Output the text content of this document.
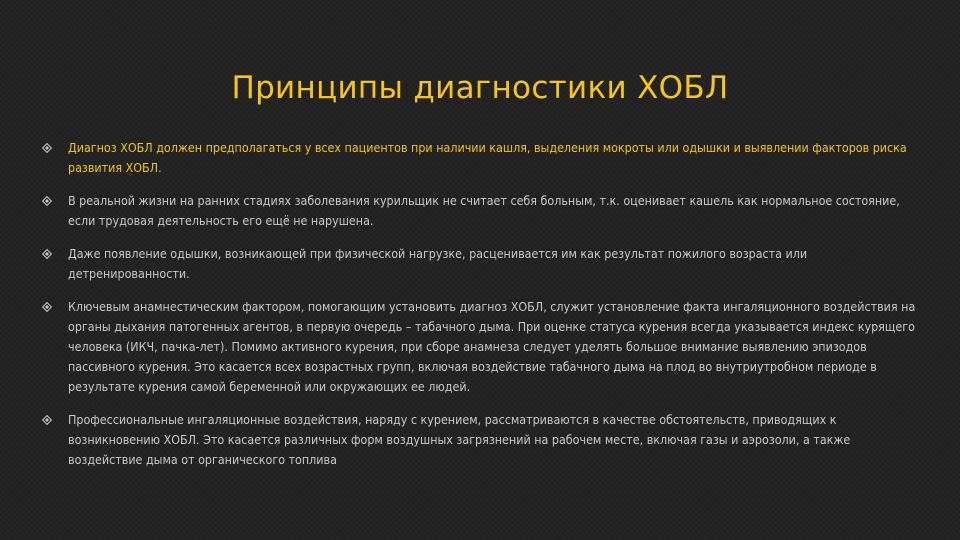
Принципы диагностики ХОБЛ
Диагноз ХОБЛ должен предполагаться у всех пациентов при наличии кашля, выделения мокроты или одышки и выявлении факторов риска развития ХОБЛ.
В реальной жизни на ранних стадиях заболевания курильщик не считает себя больным, т.к. оценивает кашель как нормальное состояние, если трудовая деятельность его ещё не нарушена.
Даже появление одышки, возникающей при физической нагрузке, расценивается им как результат пожилого возраста или детренированности.
Ключевым анамнестическим фактором, помогающим установить диагноз ХОБЛ, служит установление факта ингаляционного воздействия на органы дыхания патогенных агентов, в первую очередь – табачного дыма. При оценке статуса курения всегда указывается индекс курящего человека (ИКЧ, пачка-лет). Помимо активного курения, при сборе анамнеза следует уделять большое внимание выявлению эпизодов пассивного курения. Это касается всех возрастных групп, включая воздействие табачного дыма на плод во внутриутробном периоде в результате курения самой беременной или окружающих ее людей.
Профессиональные ингаляционные воздействия, наряду с курением, рассматриваются в качестве обстоятельств, приводящих к возникновению ХОБЛ. Это касается различных форм воздушных загрязнений на рабочем месте, включая газы и аэрозоли, а также воздействие дыма от органического топлива
